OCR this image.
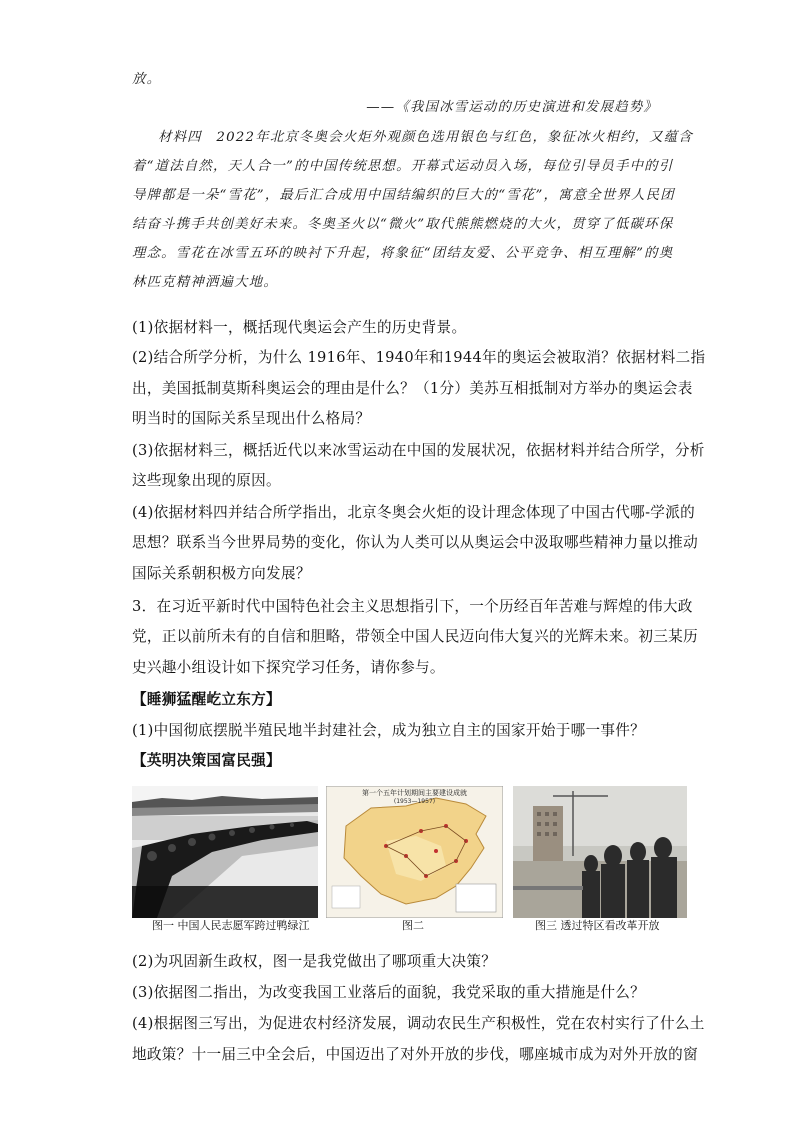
放。
——《我国冰雪运动的历史演进和发展趋势》
材料四　2022年北京冬奥会火炬外观颜色选用银色与红色，象征冰火相约，又蕴含
着“道法自然，天人合一”的中国传统思想。开幕式运动员入场，每位引导员手中的引
导牌都是一朵“雪花”，最后汇合成用中国结编织的巨大的“雪花”，寓意全世界人民团
结奋斗携手共创美好未来。冬奥圣火以“微火”取代熊熊燃烧的大火，贯穿了低碳环保
理念。雪花在冰雪五环的映衬下升起，将象征“团结友爱、公平竞争、相互理解”的奥
林匹克精神洒遍大地。
(1)依据材料一，概括现代奥运会产生的历史背景。
(2)结合所学分析，为什么 1916年、1940年和1944年的奥运会被取消？依据材料二指
出，美国抵制莫斯科奥运会的理由是什么？（1分）美苏互相抵制对方举办的奥运会表
明当时的国际关系呈现出什么格局？
(3)依据材料三，概括近代以来冰雪运动在中国的发展状况，依据材料并结合所学，分析
这些现象出现的原因。
(4)依据材料四并结合所学指出，北京冬奥会火炬的设计理念体现了中国古代哪-学派的
思想？联系当今世界局势的变化，你认为人类可以从奥运会中汲取哪些精神力量以推动
国际关系朝积极方向发展？
3．在习近平新时代中国特色社会主义思想指引下，一个历经百年苦难与辉煌的伟大政
党，正以前所未有的自信和胆略，带领全中国人民迈向伟大复兴的光辉未来。初三某历
史兴趣小组设计如下探究学习任务，请你参与。
【睡狮猛醒屹立东方】
(1)中国彻底摆脱半殖民地半封建社会，成为独立自主的国家开始于哪一事件？
【英明决策国富民强】
第一个五年计划期间主要建设成就
(1953—1957)
图一 中国人民志愿军跨过鸭绿江	图二	图三 透过特区看改革开放
(2)为巩固新生政权，图一是我党做出了哪项重大决策？
(3)依据图二指出，为改变我国工业落后的面貌，我党采取的重大措施是什么？
(4)根据图三写出，为促进农村经济发展，调动农民生产积极性，党在农村实行了什么土
地政策？十一届三中全会后，中国迈出了对外开放的步伐，哪座城市成为对外开放的窗
